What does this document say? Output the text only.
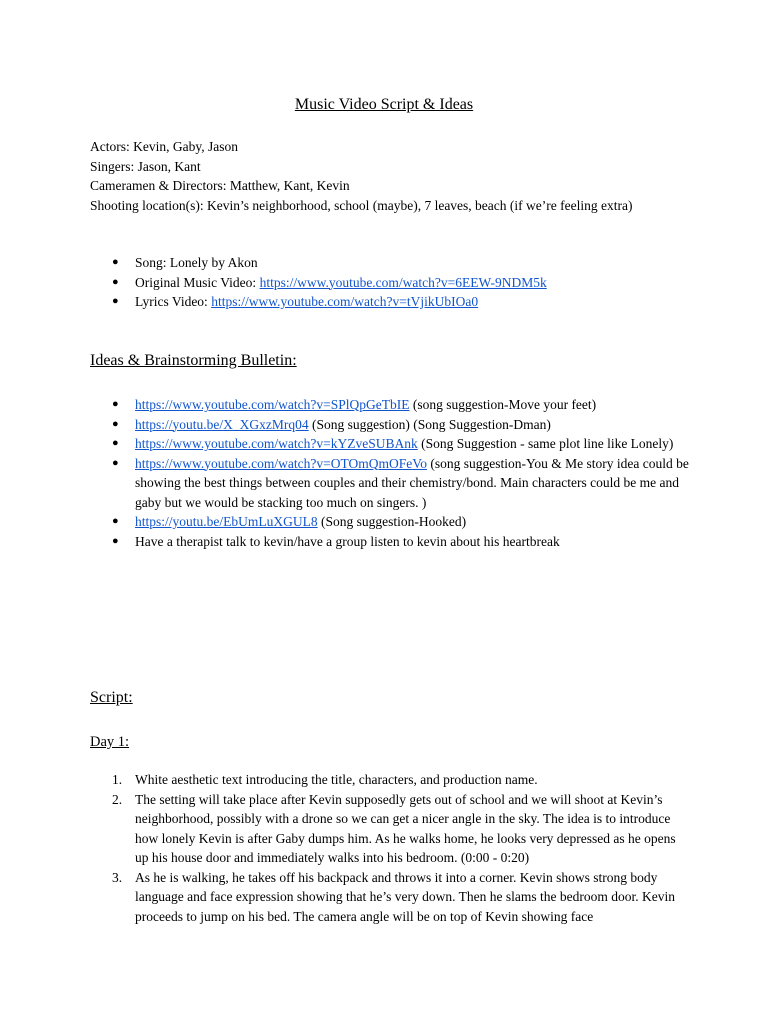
Music Video Script & Ideas
Actors: Kevin, Gaby, Jason
Singers: Jason, Kant
Cameramen & Directors: Matthew, Kant, Kevin
Shooting location(s): Kevin’s neighborhood, school (maybe), 7 leaves, beach (if we’re feeling extra)
● Song: Lonely by Akon
● Original Music Video: https://www.youtube.com/watch?v=6EEW-9NDM5k
● Lyrics Video: https://www.youtube.com/watch?v=tVjikUbIOa0
Ideas & Brainstorming Bulletin:
● https://www.youtube.com/watch?v=SPlQpGeTbIE (song suggestion-Move your feet)
● https://youtu.be/X_XGxzMrq04 (Song suggestion) (Song Suggestion-Dman)
● https://www.youtube.com/watch?v=kYZveSUBAnk (Song Suggestion - same plot line like Lonely)
● https://www.youtube.com/watch?v=OTOmQmOFeVo (song suggestion-You & Me story idea could be showing the best things between couples and their chemistry/bond. Main characters could be me and gaby but we would be stacking too much on singers. )
● https://youtu.be/EbUmLuXGUL8 (Song suggestion-Hooked)
● Have a therapist talk to kevin/have a group listen to kevin about his heartbreak
Script:
Day 1:
1. White aesthetic text introducing the title, characters, and production name.
2. The setting will take place after Kevin supposedly gets out of school and we will shoot at Kevin’s neighborhood, possibly with a drone so we can get a nicer angle in the sky. The idea is to introduce how lonely Kevin is after Gaby dumps him. As he walks home, he looks very depressed as he opens up his house door and immediately walks into his bedroom. (0:00 - 0:20)
3. As he is walking, he takes off his backpack and throws it into a corner. Kevin shows strong body language and face expression showing that he’s very down. Then he slams the bedroom door. Kevin proceeds to jump on his bed. The camera angle will be on top of Kevin showing face
